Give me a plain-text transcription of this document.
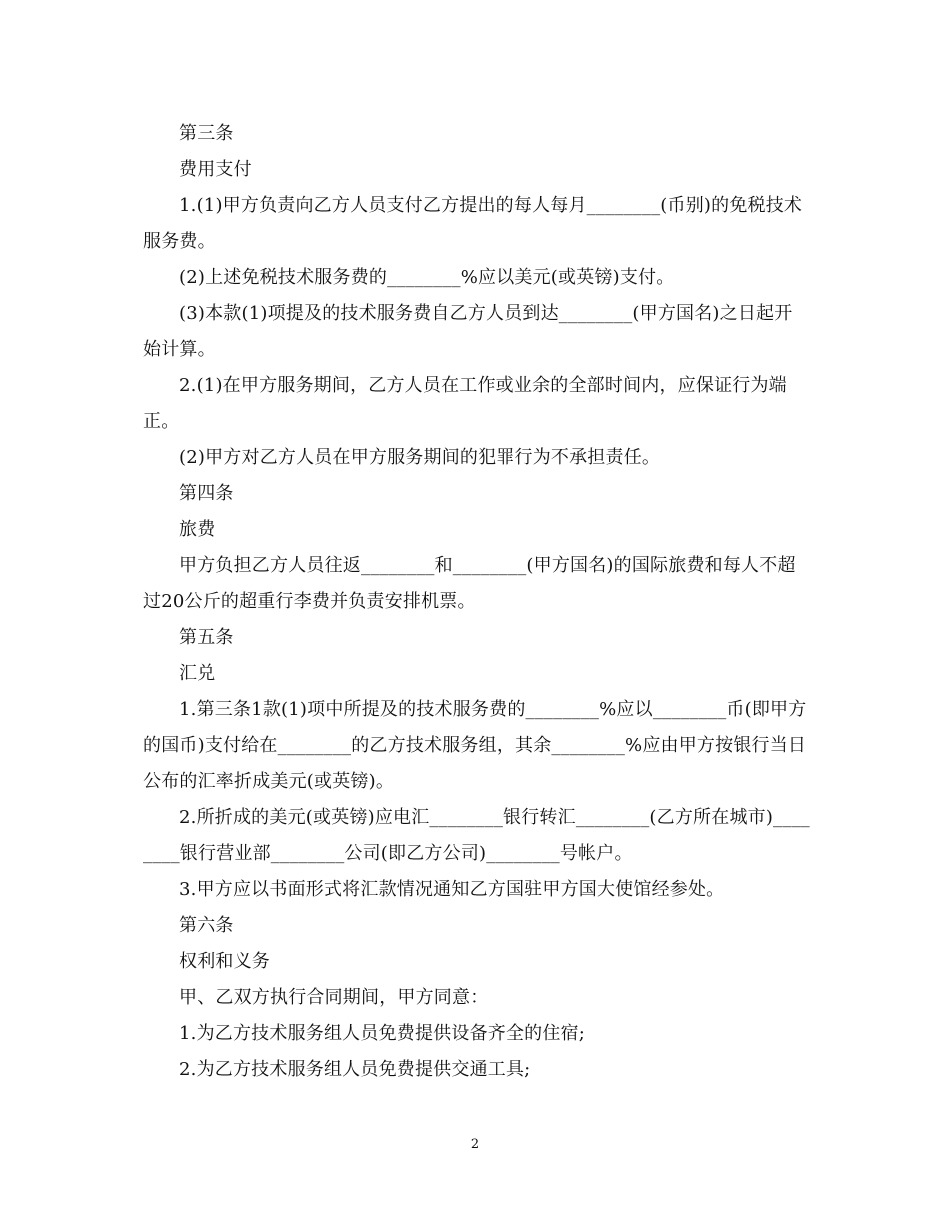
第三条

费用支付

1.(1)甲方负责向乙方人员支付乙方提出的每人每月________(币别)的免税技术服务费。

(2)上述免税技术服务费的________%应以美元(或英镑)支付。

(3)本款(1)项提及的技术服务费自乙方人员到达________(甲方国名)之日起开始计算。

2.(1)在甲方服务期间，乙方人员在工作或业余的全部时间内，应保证行为端正。

(2)甲方对乙方人员在甲方服务期间的犯罪行为不承担责任。

第四条

旅费

甲方负担乙方人员往返________和________(甲方国名)的国际旅费和每人不超过20公斤的超重行李费并负责安排机票。

第五条

汇兑

1.第三条1款(1)项中所提及的技术服务费的________%应以________币(即甲方的国币)支付给在________的乙方技术服务组，其余________%应由甲方按银行当日公布的汇率折成美元(或英镑)。

2.所折成的美元(或英镑)应电汇________银行转汇________(乙方所在城市)________银行营业部________公司(即乙方公司)________号帐户。

3.甲方应以书面形式将汇款情况通知乙方国驻甲方国大使馆经参处。

第六条

权利和义务

甲、乙双方执行合同期间，甲方同意：

1.为乙方技术服务组人员免费提供设备齐全的住宿;

2.为乙方技术服务组人员免费提供交通工具;

2
